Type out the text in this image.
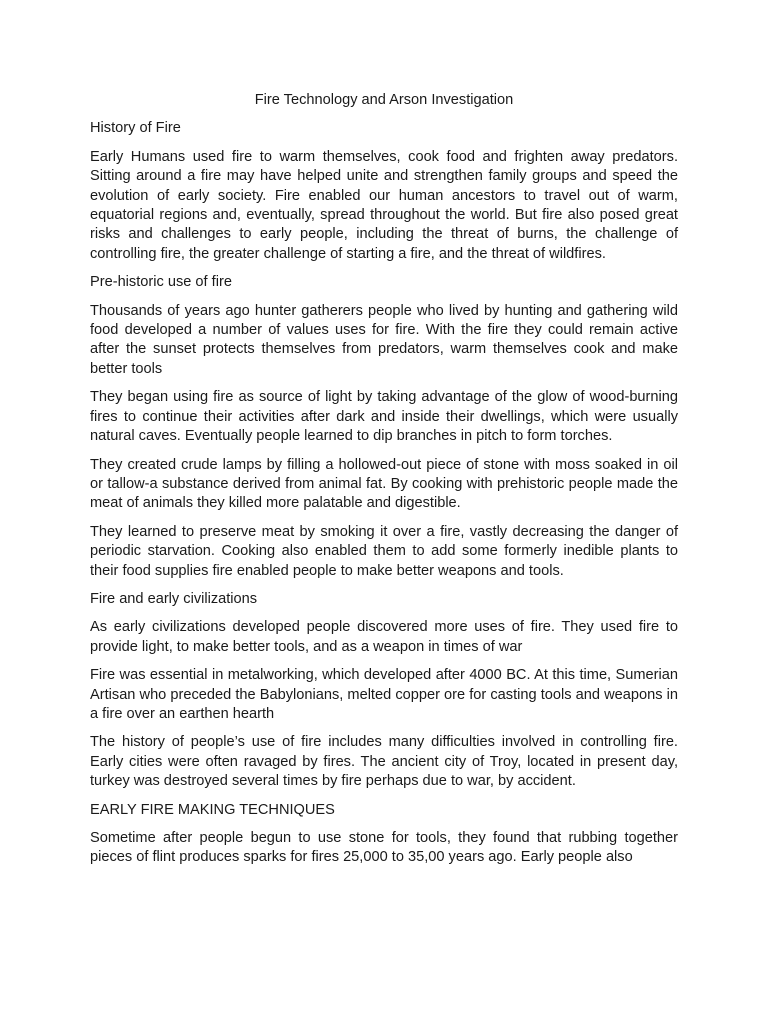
Fire Technology and Arson Investigation
History of Fire
Early Humans used fire to warm themselves, cook food and frighten away predators. Sitting around a fire may have helped unite and strengthen family groups and speed the evolution of early society. Fire enabled our human ancestors to travel out of warm, equatorial regions and, eventually, spread throughout the world. But fire also posed great risks and challenges to early people, including the threat of burns, the challenge of controlling fire, the greater challenge of starting a fire, and the threat of wildfires.
Pre-historic use of fire
Thousands of years ago hunter gatherers people who lived by hunting and gathering wild food developed a number of values uses for fire. With the fire they could remain active after the sunset protects themselves from predators, warm themselves cook and make better tools
They began using fire as source of light by taking advantage of the glow of wood-burning fires to continue their activities after dark and inside their dwellings, which were usually natural caves. Eventually people learned to dip branches in pitch to form torches.
They created crude lamps by filling a hollowed-out piece of stone with moss soaked in oil or tallow-a substance derived from animal fat. By cooking with prehistoric people made the meat of animals they killed more palatable and digestible.
They learned to preserve meat by smoking it over a fire, vastly decreasing the danger of periodic starvation. Cooking also enabled them to add some formerly inedible plants to their food supplies fire enabled people to make better weapons and tools.
Fire and early civilizations
As early civilizations developed people discovered more uses of fire. They used fire to provide light, to make better tools, and as a weapon in times of war
Fire was essential in metalworking, which developed after 4000 BC. At this time, Sumerian Artisan who preceded the Babylonians, melted copper ore for casting tools and weapons in a fire over an earthen hearth
The history of people’s use of fire includes many difficulties involved in controlling fire. Early cities were often ravaged by fires. The ancient city of Troy, located in present day, turkey was destroyed several times by fire perhaps due to war, by accident.
EARLY FIRE MAKING TECHNIQUES
Sometime after people begun to use stone for tools, they found that rubbing together pieces of flint produces sparks for fires 25,000 to 35,00 years ago. Early people also
